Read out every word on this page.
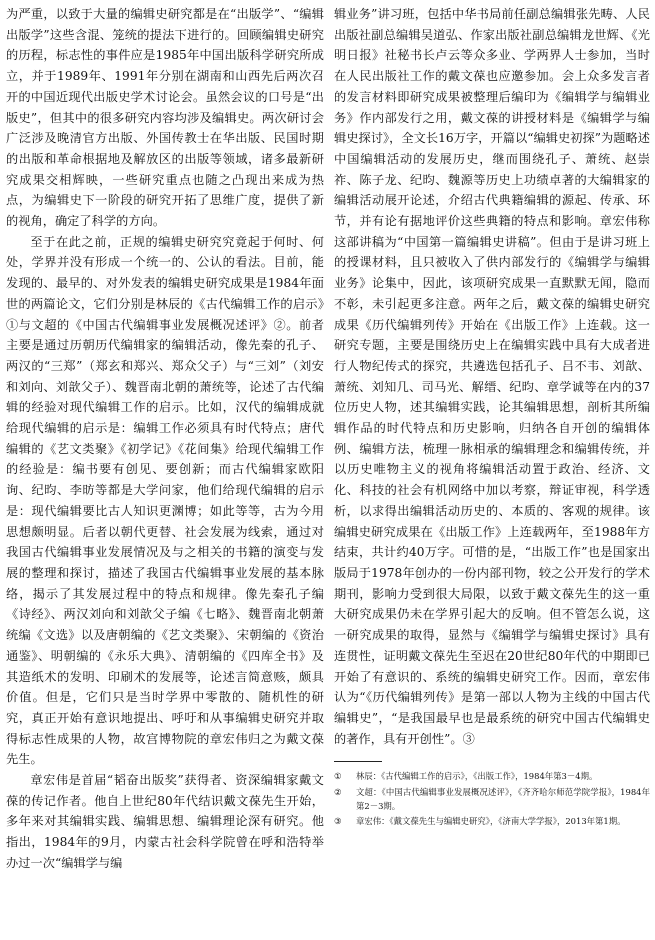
为严重，以致于大量的编辑史研究都是在“出版学”、“编辑出版学”这些含混、笼统的提法下进行的。回顾编辑史研究的历程，标志性的事件应是1985年中国出版科学研究所成立，并于1989年、1991年分别在湖南和山西先后两次召开的中国近现代出版史学术讨论会。虽然会议的口号是“出版史”，但其中的很多研究内容均涉及编辑史。两次研讨会广泛涉及晚清官方出版、外国传教士在华出版、民国时期的出版和革命根据地及解放区的出版等领域，诸多最新研究成果交相辉映，一些研究重点也随之凸现出来成为热点，为编辑史下一阶段的研究开拓了思维广度，提供了新的视角，确定了科学的方向。

至于在此之前，正规的编辑史研究究竟起于何时、何处，学界并没有形成一个统一的、公认的看法。目前，能发现的、最早的、对外发表的编辑史研究成果是1984年面世的两篇论文，它们分别是林辰的《古代编辑工作的启示》①与文超的《中国古代编辑事业发展概况述评》②。前者主要是通过历朝历代编辑家的编辑活动，像先秦的孔子、两汉的“三郑”（郑玄和郑兴、郑众父子）与“三刘”（刘安和刘向、刘歆父子）、魏晋南北朝的萧统等，论述了古代编辑的经验对现代编辑工作的启示。比如，汉代的编辑成就给现代编辑的启示是：编辑工作必须具有时代特点；唐代编辑的《艺文类聚》《初学记》《花间集》给现代编辑工作的经验是：编书要有创见、要创新；而古代编辑家欧阳询、纪昀、李昉等都是大学问家，他们给现代编辑的启示是：现代编辑要比古人知识更渊博；如此等等，古为今用思想颇明显。后者以朝代更替、社会发展为线索，通过对我国古代编辑事业发展情况及与之相关的书籍的演变与发展的整理和探讨，描述了我国古代编辑事业发展的基本脉络，揭示了其发展过程中的特点和规律。像先秦孔子编《诗经》、两汉刘向和刘歆父子编《七略》、魏晋南北朝萧统编《文选》以及唐朝编的《艺文类聚》、宋朝编的《资治通鉴》、明朝编的《永乐大典》、清朝编的《四库全书》及其造纸术的发明、印刷术的发展等，论述言简意赅，颇具价值。但是，它们只是当时学界中零散的、随机性的研究，真正开始有意识地提出、呼吁和从事编辑史研究并取得标志性成果的人物，故宫博物院的章宏伟归之为戴文葆先生。

章宏伟是首届“韬奋出版奖”获得者、资深编辑家戴文葆的传记作者。他自上世纪80年代结识戴文葆先生开始，多年来对其编辑实践、编辑思想、编辑理论深有研究。他指出，1984年的9月，内蒙古社会科学院曾在呼和浩特举办过一次“编辑学与编

辑业务”讲习班，包括中华书局前任副总编辑张先畴、人民出版社副总编辑吴道弘、作家出版社副总编辑龙世辉、《光明日报》社秘书长卢云等众多业、学两界人士参加，当时在人民出版社工作的戴文葆也应邀参加。会上众多发言者的发言材料即研究成果被整理后编印为《编辑学与编辑业务》作内部发行之用，戴文葆的讲授材料是《编辑学与编辑史探讨》，全文长16万字，开篇以“编辑史初探”为题略述中国编辑活动的发展历史，继而围绕孔子、萧统、赵崇祚、陈子龙、纪昀、魏源等历史上功绩卓著的大编辑家的编辑活动展开论述，介绍古代典籍编辑的源起、传承、环节，并有论有据地评价这些典籍的特点和影响。章宏伟称这部讲稿为“中国第一篇编辑史讲稿”。但由于是讲习班上的授课材料，且只被收入了供内部发行的《编辑学与编辑业务》论集中，因此，该项研究成果一直默默无闻，隐而不彰，未引起更多注意。两年之后，戴文葆的编辑史研究成果《历代编辑列传》开始在《出版工作》上连载。这一研究专题，主要是围绕历史上在编辑实践中具有大成者进行人物纪传式的探究，共遴选包括孔子、吕不韦、刘歆、萧统、刘知几、司马光、解缙、纪昀、章学诚等在内的37位历史人物，述其编辑实践，论其编辑思想，剖析其所编辑作品的时代特点和历史影响，归纳各自开创的编辑体例、编辑方法，梳理一脉相承的编辑理念和编辑传统，并以历史唯物主义的视角将编辑活动置于政治、经济、文化、科技的社会有机网络中加以考察，辩证审视，科学透析，以求得出编辑活动历史的、本质的、客观的规律。该编辑史研究成果在《出版工作》上连载两年，至1988年方结束，共计约40万字。可惜的是，“出版工作”也是国家出版局于1978年创办的一份内部刊物，较之公开发行的学术期刊，影响力受到很大局限，以致于戴文葆先生的这一重大研究成果仍未在学界引起大的反响。但不管怎么说，这一研究成果的取得，显然与《编辑学与编辑史探讨》具有连贯性，证明戴文葆先生至迟在20世纪80年代的中期即已开始了有意识的、系统的编辑史研究工作。因而，章宏伟认为“《历代编辑列传》是第一部以人物为主线的中国古代编辑史”，“是我国最早也是最系统的研究中国古代编辑史的著作，具有开创性”。③

①	林辰：《古代编辑工作的启示》，《出版工作》，1984年第3－4期。
②	文超：《中国古代编辑事业发展概况述评》，《齐齐哈尔师范学院学报》，1984年第2－3期。
③	章宏伟：《戴文葆先生与编辑史研究》，《济南大学学报》，2013年第1期。
